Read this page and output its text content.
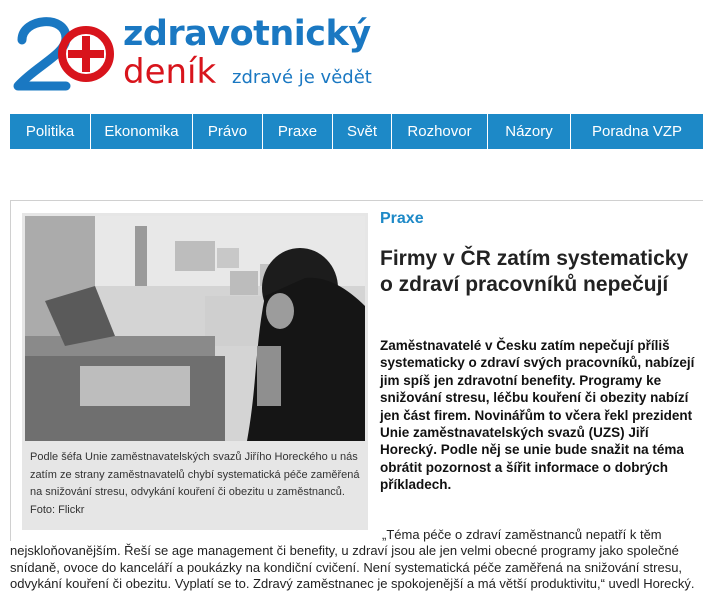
zdravotnický
deník zdravé je vědět
Politika	Ekonomika	Právo	Praxe	Svět	Rozhovor	Názory	Poradna VZP
Podle šéfa Unie zaměstnavatelských svazů Jiřího Horeckého u nás zatím ze strany zaměstnavatelů chybí systematická péče zaměřená na snižování stresu, odvykání kouření či obezitu u zaměstnanců. Foto: Flickr
Praxe
Firmy v ČR zatím systematicky o zdraví pracovníků nepečují
Zaměstnavatelé v Česku zatím nepečují příliš systematicky o zdraví svých pracovníků, nabízejí jim spíš jen zdravotní benefity. Programy ke snižování stresu, léčbu kouření či obezity nabízí jen část firem. Novinářům to včera řekl prezident Unie zaměstnavatelských svazů (UZS) Jiří Horecký. Podle něj se unie bude snažit na téma obrátit pozornost a šířit informace o dobrých příkladech.
„Téma péče o zdraví zaměstnanců nepatří k těm nejskloňovanějším. Řeší se age management či benefity, u zdraví jsou ale jen velmi obecné programy jako společné snídaně, ovoce do kanceláří a poukázky na kondiční cvičení. Není systematická péče zaměřená na snižování stresu, odvykání kouření či obezitu. Vyplatí se to. Zdravý zaměstnanec je spokojenější a má větší produktivitu,“ uvedl Horecký.
